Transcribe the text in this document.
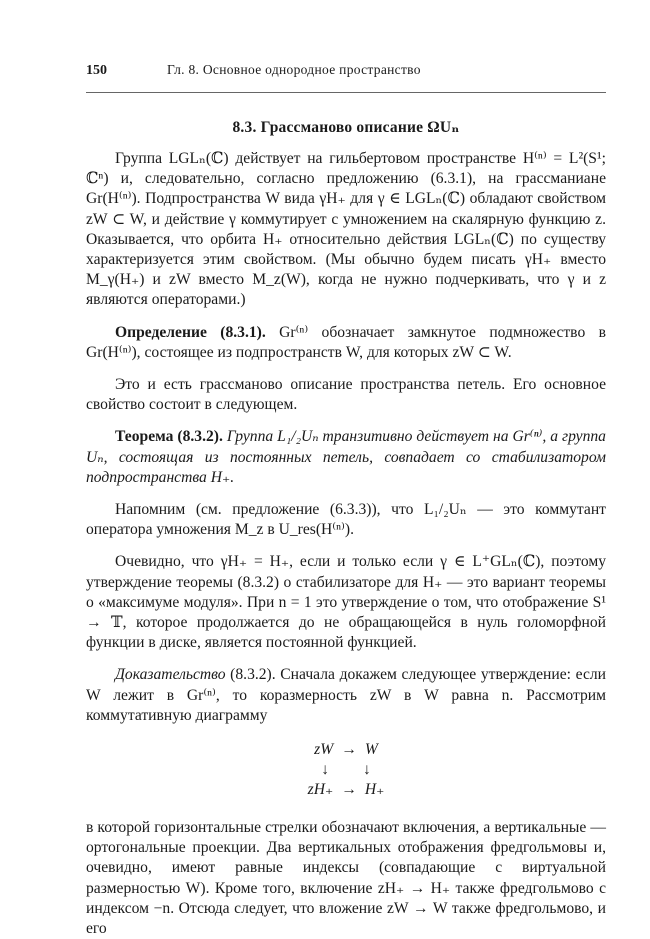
150	Гл. 8. Основное однородное пространство
8.3. Грассманово описание ΩUₙ

Группа LGLₙ(ℂ) действует на гильбертовом пространстве H⁽ⁿ⁾ = L²(S¹; ℂⁿ) и, следовательно, согласно предложению (6.3.1), на грассманиане Gr(H⁽ⁿ⁾). Подпространства W вида γH₊ для γ ∈ LGLₙ(ℂ) обладают свойством zW ⊂ W, и действие γ коммутирует с умножением на скалярную функцию z. Оказывается, что орбита H₊ относительно действия LGLₙ(ℂ) по существу характеризуется этим свойством. (Мы обычно будем писать γH₊ вместо M_γ(H₊) и zW вместо M_z(W), когда не нужно подчеркивать, что γ и z являются операторами.)

Определение (8.3.1). Gr⁽ⁿ⁾ обозначает замкнутое подмножество в Gr(H⁽ⁿ⁾), состоящее из подпространств W, для которых zW ⊂ W.

Это и есть грассманово описание пространства петель. Его основное свойство состоит в следующем.

Теорема (8.3.2). Группа L₁/₂Uₙ транзитивно действует на Gr⁽ⁿ⁾, а группа Uₙ, состоящая из постоянных петель, совпадает со стабилизатором подпространства H₊.

Напомним (см. предложение (6.3.3)), что L₁/₂Uₙ — это коммутант оператора умножения M_z в U_res(H⁽ⁿ⁾).

Очевидно, что γH₊ = H₊, если и только если γ ∈ L⁺GLₙ(ℂ), поэтому утверждение теоремы (8.3.2) о стабилизаторе для H₊ — это вариант теоремы о «максимуме модуля». При n = 1 это утверждение о том, что отображение S¹ → 𝕋, которое продолжается до не обращающейся в нуль голоморфной функции в диске, является постоянной функцией.

Доказательство (8.3.2). Сначала докажем следующее утверждение: если W лежит в Gr⁽ⁿ⁾, то коразмерность zW в W равна n. Рассмотрим коммутативную диаграмму

zW → W
↓ ↓
zH₊ → H₊

в которой горизонтальные стрелки обозначают включения, а вертикальные — ортогональные проекции. Два вертикальных отображения фредгольмовы и, очевидно, имеют равные индексы (совпадающие с виртуальной размерностью W). Кроме того, включение zH₊ → H₊ также фредгольмово с индексом −n. Отсюда следует, что вложение zW → W также фредгольмово, и его
